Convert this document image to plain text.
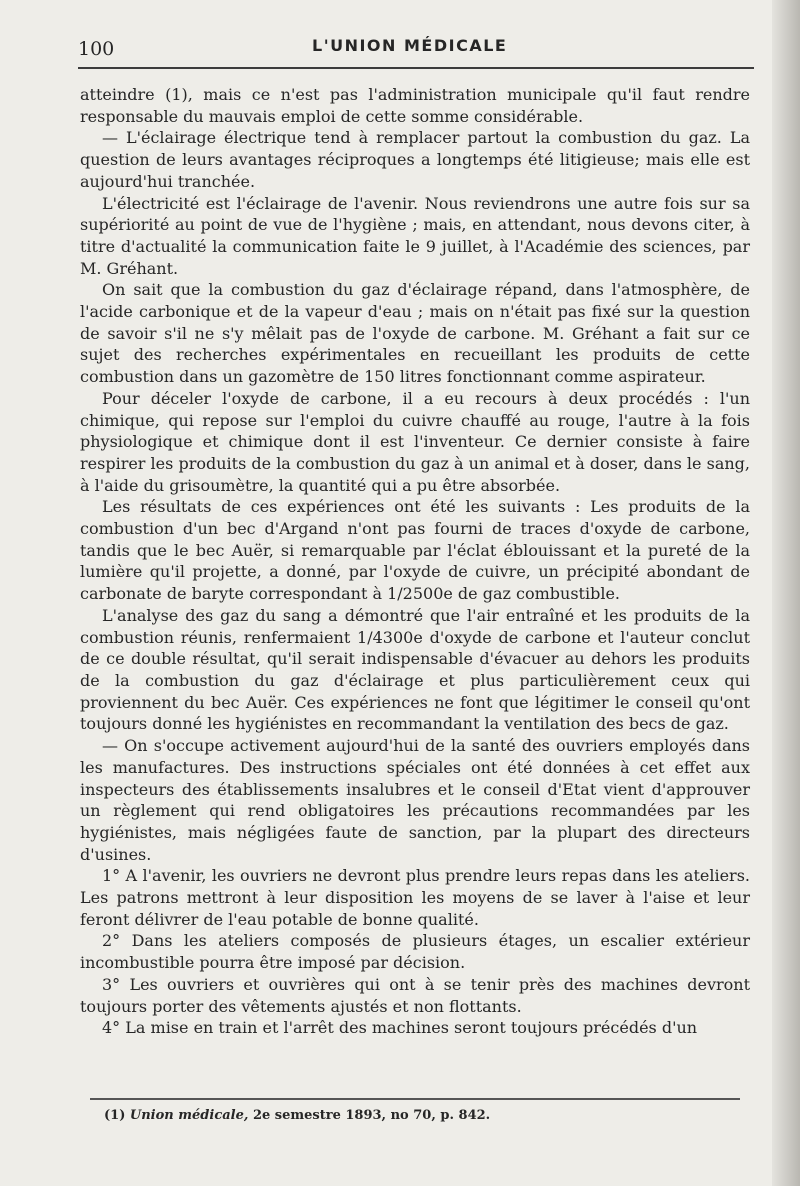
100	L'UNION MÉDICALE

atteindre (1), mais ce n'est pas l'administration municipale qu'il faut rendre responsable du mauvais emploi de cette somme considérable.

— L'éclairage électrique tend à remplacer partout la combustion du gaz. La question de leurs avantages réciproques a longtemps été litigieuse; mais elle est aujourd'hui tranchée.

L'électricité est l'éclairage de l'avenir. Nous reviendrons une autre fois sur sa supériorité au point de vue de l'hygiène ; mais, en attendant, nous devons citer, à titre d'actualité la communication faite le 9 juillet, à l'Académie des sciences, par M. Gréhant.

On sait que la combustion du gaz d'éclairage répand, dans l'atmosphère, de l'acide carbonique et de la vapeur d'eau ; mais on n'était pas fixé sur la question de savoir s'il ne s'y mêlait pas de l'oxyde de carbone. M. Gréhant a fait sur ce sujet des recherches expérimentales en recueillant les produits de cette combustion dans un gazomètre de 150 litres fonctionnant comme aspirateur.

Pour déceler l'oxyde de carbone, il a eu recours à deux procédés : l'un chimique, qui repose sur l'emploi du cuivre chauffé au rouge, l'autre à la fois physiologique et chimique dont il est l'inventeur. Ce dernier consiste à faire respirer les produits de la combustion du gaz à un animal et à doser, dans le sang, à l'aide du grisoumètre, la quantité qui a pu être absorbée.

Les résultats de ces expériences ont été les suivants : Les produits de la combustion d'un bec d'Argand n'ont pas fourni de traces d'oxyde de carbone, tandis que le bec Auër, si remarquable par l'éclat éblouissant et la pureté de la lumière qu'il projette, a donné, par l'oxyde de cuivre, un précipité abondant de carbonate de baryte correspondant à 1/2500e de gaz combustible.

L'analyse des gaz du sang a démontré que l'air entraîné et les produits de la combustion réunis, renfermaient 1/4300e d'oxyde de carbone et l'auteur conclut de ce double résultat, qu'il serait indispensable d'évacuer au dehors les produits de la combustion du gaz d'éclairage et plus particulièrement ceux qui proviennent du bec Auër. Ces expériences ne font que légitimer le conseil qu'ont toujours donné les hygiénistes en recommandant la ventilation des becs de gaz.

— On s'occupe activement aujourd'hui de la santé des ouvriers employés dans les manufactures. Des instructions spéciales ont été données à cet effet aux inspecteurs des établissements insalubres et le conseil d'Etat vient d'approuver un règlement qui rend obligatoires les précautions recommandées par les hygiénistes, mais négligées faute de sanction, par la plupart des directeurs d'usines.

1° A l'avenir, les ouvriers ne devront plus prendre leurs repas dans les ateliers. Les patrons mettront à leur disposition les moyens de se laver à l'aise et leur feront délivrer de l'eau potable de bonne qualité.

2° Dans les ateliers composés de plusieurs étages, un escalier extérieur incombustible pourra être imposé par décision.

3° Les ouvriers et ouvrières qui ont à se tenir près des machines devront toujours porter des vêtements ajustés et non flottants.

4° La mise en train et l'arrêt des machines seront toujours précédés d'un

(1) Union médicale, 2e semestre 1893, no 70, p. 842.
